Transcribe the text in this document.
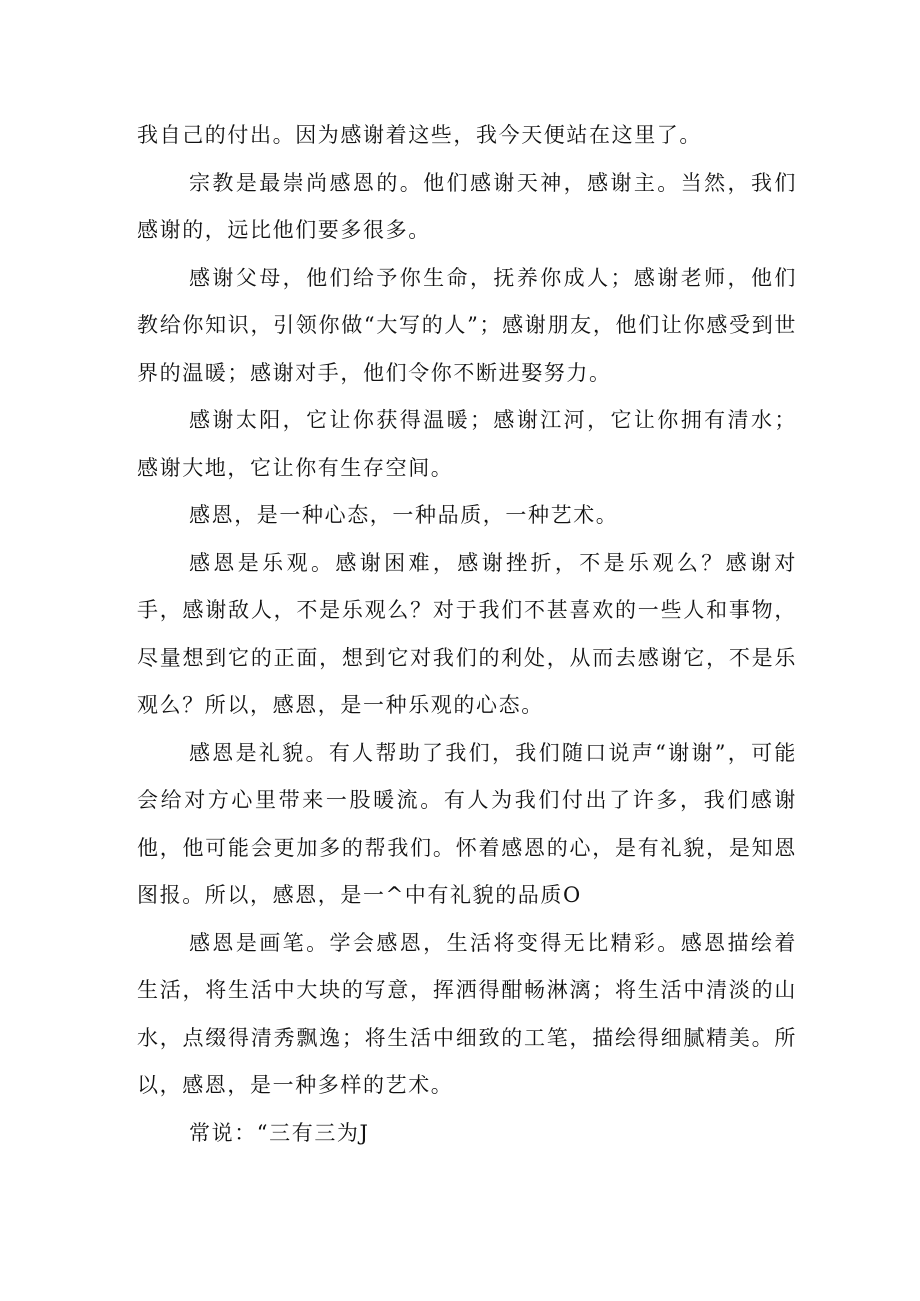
我自己的付出。因为感谢着这些，我今天便站在这里了。

宗教是最崇尚感恩的。他们感谢天神，感谢主。当然，我们感谢的，远比他们要多很多。

感谢父母，他们给予你生命，抚养你成人；感谢老师，他们教给你知识，引领你做“大写的人”；感谢朋友，他们让你感受到世界的温暖；感谢对手，他们令你不断进娶努力。

感谢太阳，它让你获得温暖；感谢江河，它让你拥有清水；感谢大地，它让你有生存空间。

感恩，是一种心态，一种品质，一种艺术。

感恩是乐观。感谢困难，感谢挫折，不是乐观么？感谢对手，感谢敌人，不是乐观么？对于我们不甚喜欢的一些人和事物，尽量想到它的正面，想到它对我们的利处，从而去感谢它，不是乐观么？所以，感恩，是一种乐观的心态。

感恩是礼貌。有人帮助了我们，我们随口说声“谢谢”，可能会给对方心里带来一股暖流。有人为我们付出了许多，我们感谢他，他可能会更加多的帮我们。怀着感恩的心，是有礼貌，是知恩图报。所以，感恩，是一^中有礼貌的品质O

感恩是画笔。学会感恩，生活将变得无比精彩。感恩描绘着生活，将生活中大块的写意，挥洒得酣畅淋漓；将生活中清淡的山水，点缀得清秀飘逸；将生活中细致的工笔，描绘得细腻精美。所以，感恩，是一种多样的艺术。

常说：“三有三为J
